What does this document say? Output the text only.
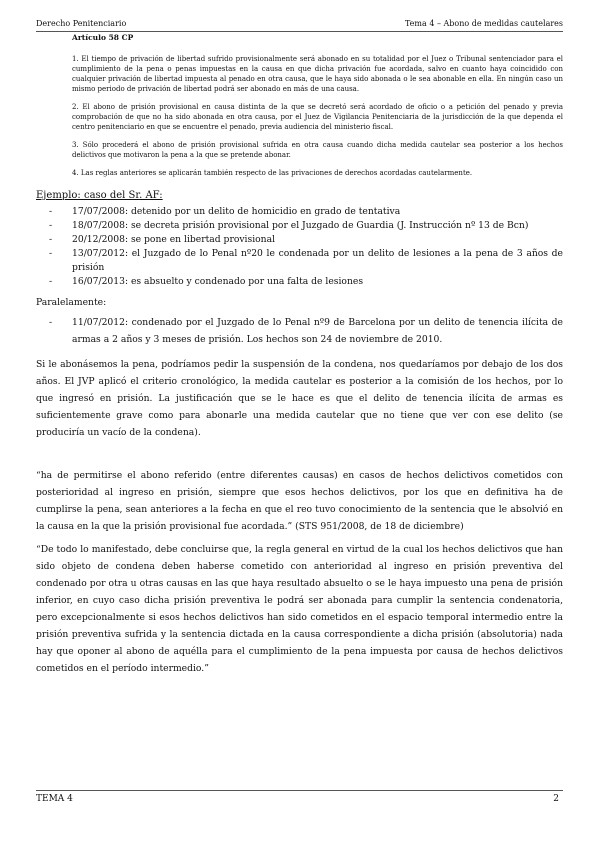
Derecho Penitenciario	Tema 4 – Abono de medidas cautelares
Artículo 58 CP

1. El tiempo de privación de libertad sufrido provisionalmente será abonado en su totalidad por el Juez o Tribunal sentenciador para el cumplimiento de la pena o penas impuestas en la causa en que dicha privación fue acordada, salvo en cuanto haya coincidido con cualquier privación de libertad impuesta al penado en otra causa, que le haya sido abonada o le sea abonable en ella. En ningún caso un mismo periodo de privación de libertad podrá ser abonado en más de una causa.

2. El abono de prisión provisional en causa distinta de la que se decretó será acordado de oficio o a petición del penado y previa comprobación de que no ha sido abonada en otra causa, por el Juez de Vigilancia Penitenciaria de la jurisdicción de la que dependa el centro penitenciario en que se encuentre el penado, previa audiencia del ministerio fiscal.

3. Sólo procederá el abono de prisión provisional sufrida en otra causa cuando dicha medida cautelar sea posterior a los hechos delictivos que motivaron la pena a la que se pretende abonar.

4. Las reglas anteriores se aplicarán también respecto de las privaciones de derechos acordadas cautelarmente.

Ejemplo: caso del Sr. AF:
- 17/07/2008: detenido por un delito de homicidio en grado de tentativa
- 18/07/2008: se decreta prisión provisional por el Juzgado de Guardia (J. Instrucción nº 13 de Bcn)
- 20/12/2008: se pone en libertad provisional
- 13/07/2012: el Juzgado de lo Penal nº20 le condenada por un delito de lesiones a la pena de 3 años de prisión
- 16/07/2013: es absuelto y condenado por una falta de lesiones
Paralelamente:
- 11/07/2012: condenado por el Juzgado de lo Penal nº9 de Barcelona por un delito de tenencia ilícita de armas a 2 años y 3 meses de prisión. Los hechos son 24 de noviembre de 2010.

Si le abonásemos la pena, podríamos pedir la suspensión de la condena, nos quedaríamos por debajo de los dos años. El JVP aplicó el criterio cronológico, la medida cautelar es posterior a la comisión de los hechos, por lo que ingresó en prisión. La justificación que se le hace es que el delito de tenencia ilícita de armas es suficientemente grave como para abonarle una medida cautelar que no tiene que ver con ese delito (se produciría un vacío de la condena).

“ha de permitirse el abono referido (entre diferentes causas) en casos de hechos delictivos cometidos con posterioridad al ingreso en prisión, siempre que esos hechos delictivos, por los que en definitiva ha de cumplirse la pena, sean anteriores a la fecha en que el reo tuvo conocimiento de la sentencia que le absolvió en la causa en la que la prisión provisional fue acordada.” (STS 951/2008, de 18 de diciembre)

“De todo lo manifestado, debe concluirse que, la regla general en virtud de la cual los hechos delictivos que han sido objeto de condena deben haberse cometido con anterioridad al ingreso en prisión preventiva del condenado por otra u otras causas en las que haya resultado absuelto o se le haya impuesto una pena de prisión inferior, en cuyo caso dicha prisión preventiva le podrá ser abonada para cumplir la sentencia condenatoria, pero excepcionalmente si esos hechos delictivos han sido cometidos en el espacio temporal intermedio entre la prisión preventiva sufrida y la sentencia dictada en la causa correspondiente a dicha prisión (absolutoria) nada hay que oponer al abono de aquélla para el cumplimiento de la pena impuesta por causa de hechos delictivos cometidos en el período intermedio.”

TEMA 4	2
